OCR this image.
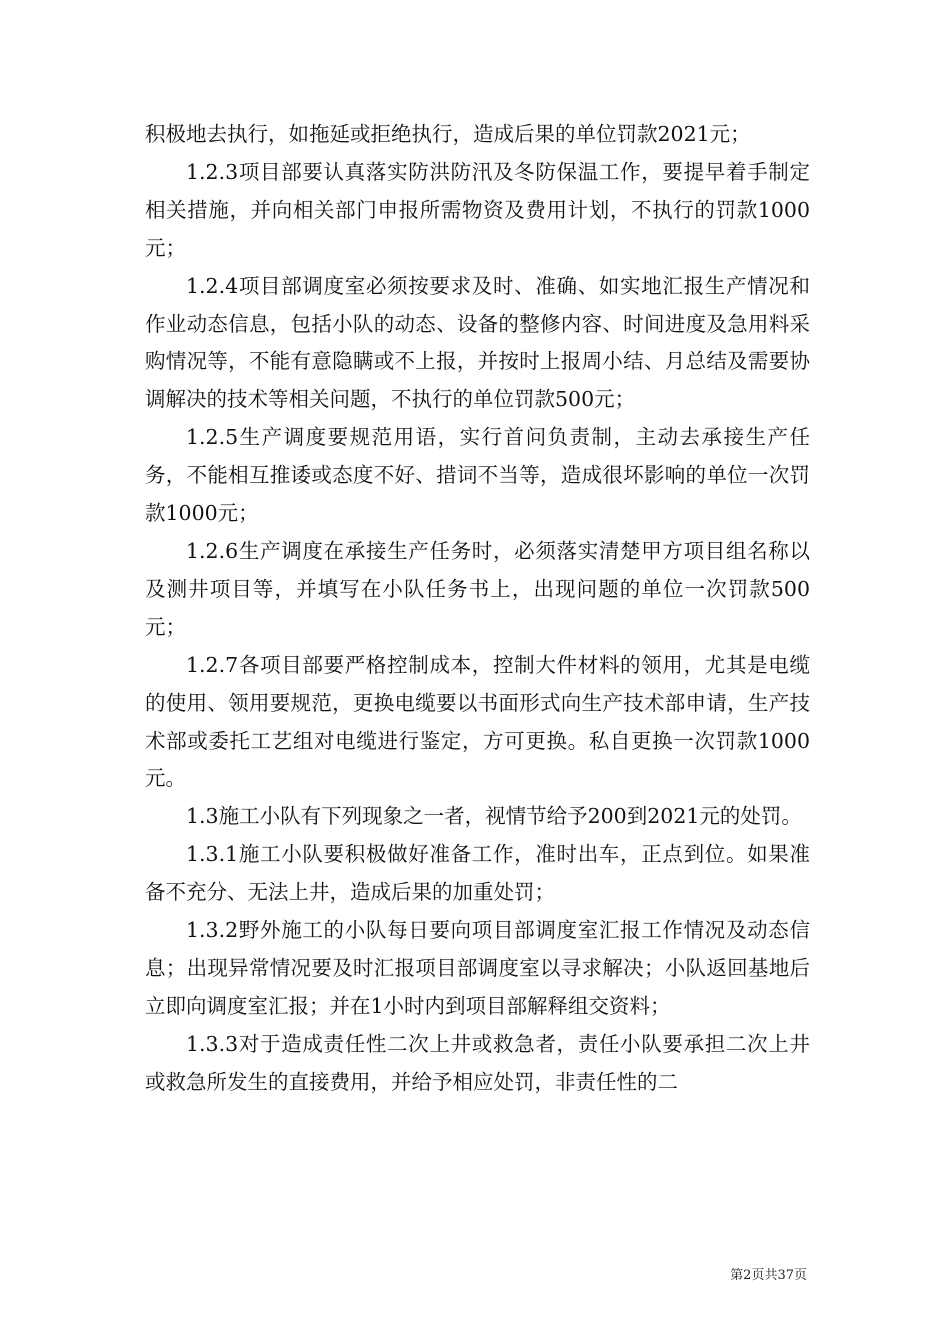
积极地去执行，如拖延或拒绝执行，造成后果的单位罚款2021元；

1.2.3项目部要认真落实防洪防汛及冬防保温工作，要提早着手制定相关措施，并向相关部门申报所需物资及费用计划，不执行的罚款1000元；

1.2.4项目部调度室必须按要求及时、准确、如实地汇报生产情况和作业动态信息，包括小队的动态、设备的整修内容、时间进度及急用料采购情况等，不能有意隐瞒或不上报，并按时上报周小结、月总结及需要协调解决的技术等相关问题，不执行的单位罚款500元；

1.2.5生产调度要规范用语，实行首问负责制，主动去承接生产任务，不能相互推诿或态度不好、措词不当等，造成很坏影响的单位一次罚款1000元；

1.2.6生产调度在承接生产任务时，必须落实清楚甲方项目组名称以及测井项目等，并填写在小队任务书上，出现问题的单位一次罚款500元；

1.2.7各项目部要严格控制成本，控制大件材料的领用，尤其是电缆的使用、领用要规范，更换电缆要以书面形式向生产技术部申请，生产技术部或委托工艺组对电缆进行鉴定，方可更换。私自更换一次罚款1000元。

1.3施工小队有下列现象之一者，视情节给予200到2021元的处罚。

1.3.1施工小队要积极做好准备工作，准时出车，正点到位。如果准备不充分、无法上井，造成后果的加重处罚；

1.3.2野外施工的小队每日要向项目部调度室汇报工作情况及动态信息；出现异常情况要及时汇报项目部调度室以寻求解决；小队返回基地后立即向调度室汇报；并在1小时内到项目部解释组交资料；

1.3.3对于造成责任性二次上井或救急者，责任小队要承担二次上井或救急所发生的直接费用，并给予相应处罚，非责任性的二

第2页共37页
